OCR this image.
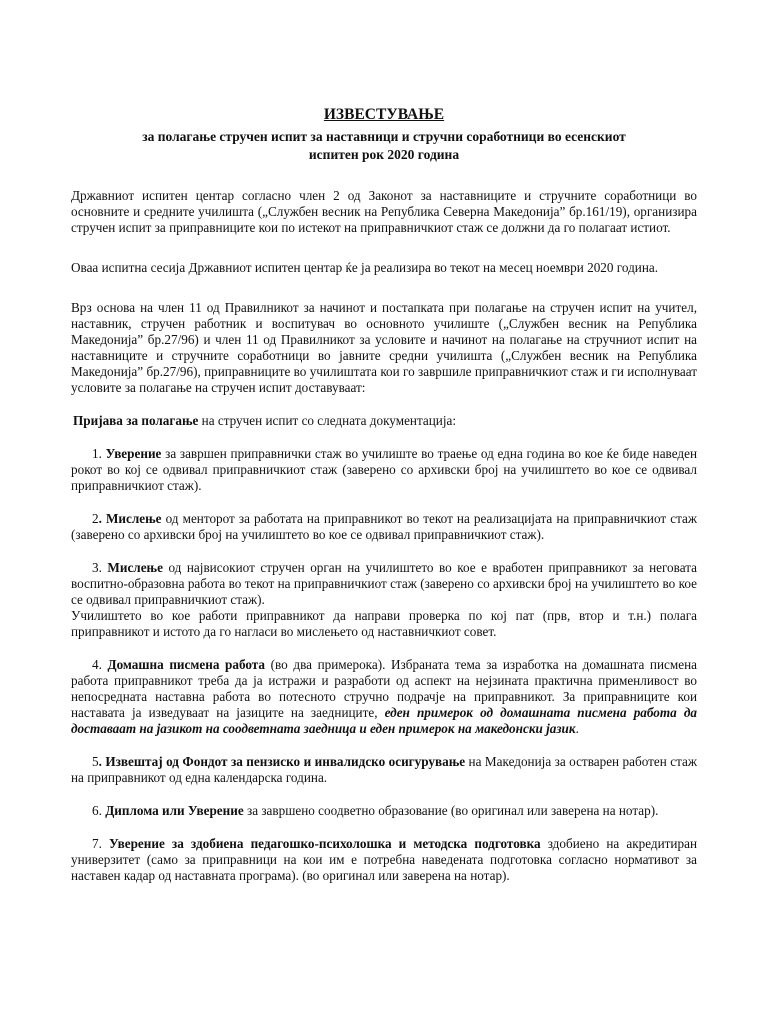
ИЗВЕСТУВАЊЕ
за полагање стручен испит за наставници и стручни соработници во есенскиот
испитен рок 2020 година

Државниот испитен центар согласно член 2 од Законот за наставниците и стручните соработници во основните и средните училишта („Службен весник на Република Северна Македонија” бр.161/19), организира стручен испит за приправниците кои по истекот на приправничкиот стаж се должни да го полагаат истиот.

Оваа испитна сесија Државниот испитен центар ќе ја реализира во текот на месец ноември 2020 година.

Врз основа на член 11 од Правилникот за начинот и постапката при полагање на стручен испит на учител, наставник, стручен работник и воспитувач во основното училиште („Службен весник на Република Македонија” бр.27/96) и член 11 од Правилникот за условите и начинот на полагање на стручниот испит на наставниците и стручните соработници во јавните средни училишта („Службен весник на Република Македонија” бр.27/96), приправниците во училиштата кои го завршиле приправничкиот стаж и ги исполнуваат условите за полагање на стручен испит доставуваат:

Пријава за полагање на стручен испит со следната документација:

1. Уверение за завршен приправнички стаж во училиште во траење од една година во кое ќе биде наведен рокот во кој се одвивал приправничкиот стаж (заверено со архивски број на училиштето во кое се одвивал приправничкиот стаж).

2. Мислење од менторот за работата на приправникот во текот на реализацијата на приправничкиот стаж (заверено со архивски број на училиштето во кое се одвивал приправничкиот стаж).

3. Мислење од највисокиот стручен орган на училиштето во кое е вработен приправникот за неговата воспитно-образовна работа во текот на приправничкиот стаж (заверено со архивски број на училиштето во кое се одвивал приправничкиот стаж).

Училиштето во кое работи приправникот да направи проверка по кој пат (прв, втор и т.н.) полага приправникот и истото да го нагласи во мислењето од наставничкиот совет.

4. Домашна писмена работа (во два примерока). Избраната тема за изработка на домашната писмена работа приправникот треба да ја истражи и разработи од аспект на нејзината практична применливост во непосредната наставна работа во потесното стручно подрачје на приправникот. За приправниците кои наставата ја изведуваат на јазиците на заедниците, еден примерок од домашната писмена работа да доставаат на јазикот на соодветната заедница и еден примерок на македонски јазик.

5. Извештај од Фондот за пензиско и инвалидско осигурување на Македонија за остварен работен стаж на приправникот од една календарска година.

6. Диплома или Уверение за завршено соодветно образование (во оригинал или заверена на нотар).

7. Уверение за здобиена педагошко-психолошка и методска подготовка здобиено на акредитиран универзитет (само за приправници на кои им е потребна наведената подготовка согласно нормативот за наставен кадар од наставната програма). (во оригинал или заверена на нотар).
